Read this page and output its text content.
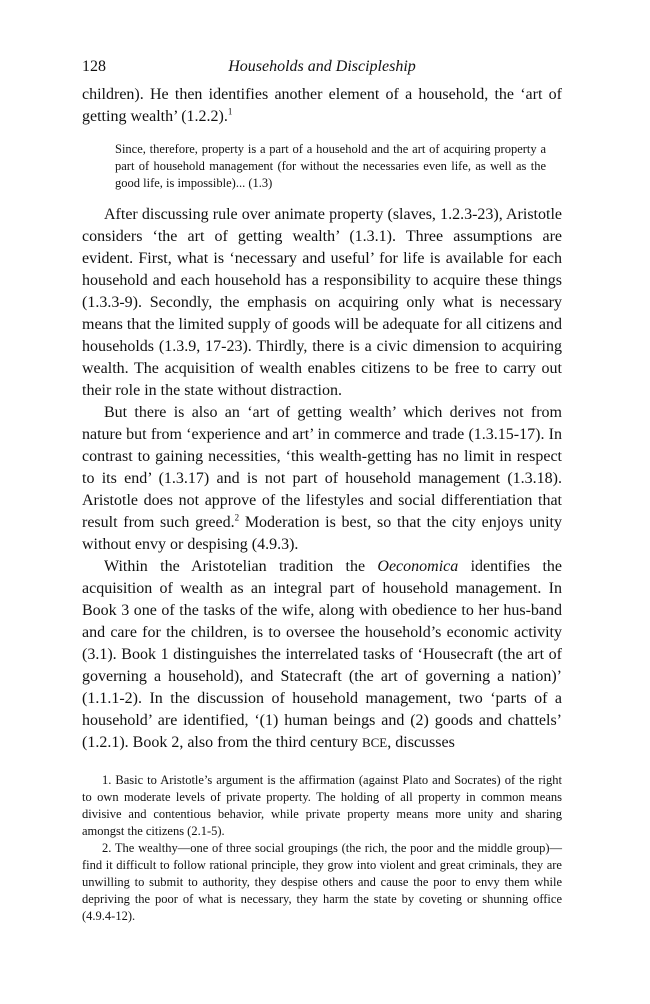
128	Households and Discipleship

children). He then identifies another element of a household, the ‘art of getting wealth’ (1.2.2).$^1$

Since, therefore, property is a part of a household and the art of acquiring property a part of household management (for without the necessaries even life, as well as the good life, is impossible)... (1.3)

After discussing rule over animate property (slaves, 1.2.3-23), Aristotle considers ‘the art of getting wealth’ (1.3.1). Three assumptions are evident. First, what is ‘necessary and useful’ for life is available for each household and each household has a responsibility to acquire these things (1.3.3-9). Secondly, the emphasis on acquiring only what is necessary means that the limited supply of goods will be adequate for all citizens and households (1.3.9, 17-23). Thirdly, there is a civic dimension to acquiring wealth. The acquisition of wealth enables citizens to be free to carry out their role in the state without distraction.

But there is also an ‘art of getting wealth’ which derives not from nature but from ‘experience and art’ in commerce and trade (1.3.15-17). In contrast to gaining necessities, ‘this wealth-getting has no limit in respect to its end’ (1.3.17) and is not part of household management (1.3.18). Aristotle does not approve of the lifestyles and social differentiation that result from such greed.$^2$ Moderation is best, so that the city enjoys unity without envy or despising (4.9.3).

Within the Aristotelian tradition the Oeconomica identifies the acquisition of wealth as an integral part of household management. In Book 3 one of the tasks of the wife, along with obedience to her hus-band and care for the children, is to oversee the household’s economic activity (3.1). Book 1 distinguishes the interrelated tasks of ‘Housecraft (the art of governing a household), and Statecraft (the art of governing a nation)’ (1.1.1-2). In the discussion of household management, two ‘parts of a household’ are identified, ‘(1) human beings and (2) goods and chattels’ (1.2.1). Book 2, also from the third century BCE, discusses

1. Basic to Aristotle’s argument is the affirmation (against Plato and Socrates) of the right to own moderate levels of private property. The holding of all property in common means divisive and contentious behavior, while private property means more unity and sharing amongst the citizens (2.1-5).

2. The wealthy—one of three social groupings (the rich, the poor and the middle group)—find it difficult to follow rational principle, they grow into violent and great criminals, they are unwilling to submit to authority, they despise others and cause the poor to envy them while depriving the poor of what is necessary, they harm the state by coveting or shunning office (4.9.4-12).
